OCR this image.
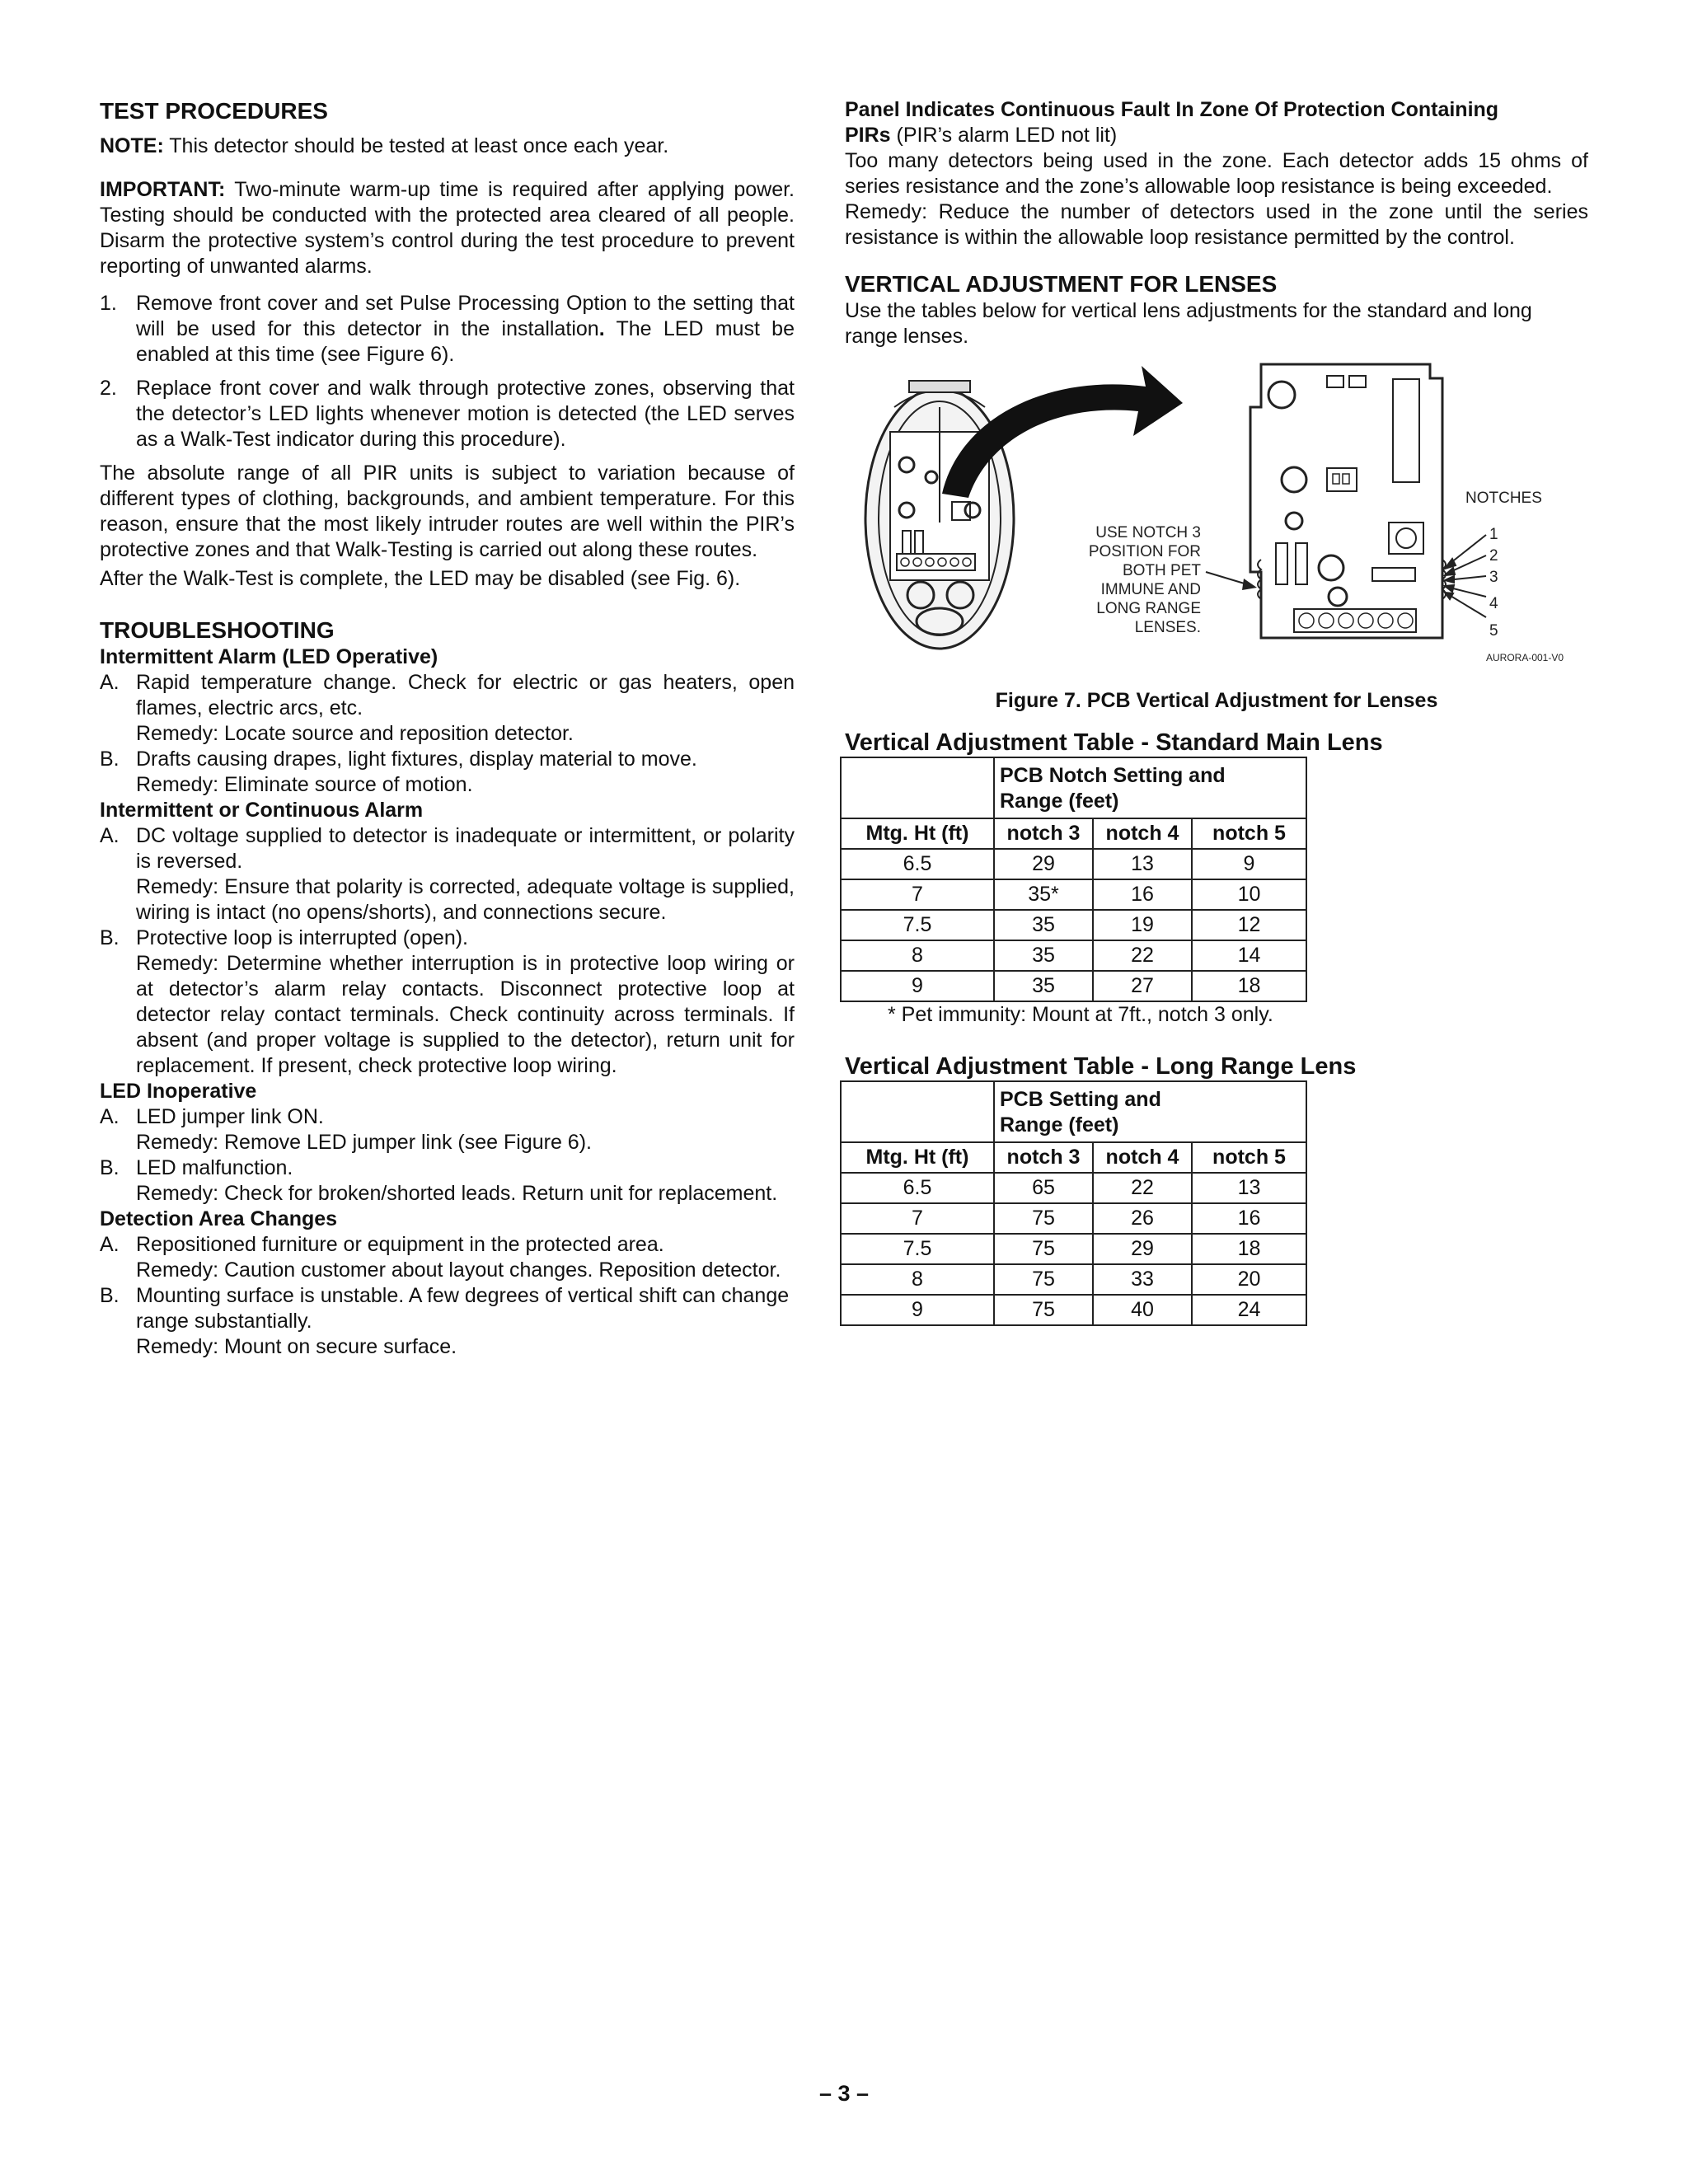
TEST PROCEDURES

NOTE: This detector should be tested at least once each year.

IMPORTANT: Two-minute warm-up time is required after applying power. Testing should be conducted with the protected area cleared of all people. Disarm the protective system’s control during the test procedure to prevent reporting of unwanted alarms.

1. Remove front cover and set Pulse Processing Option to the setting that will be used for this detector in the installation. The LED must be enabled at this time (see Figure 6).
2. Replace front cover and walk through protective zones, observing that the detector’s LED lights whenever motion is detected (the LED serves as a Walk-Test indicator during this procedure).

The absolute range of all PIR units is subject to variation because of different types of clothing, backgrounds, and ambient temperature. For this reason, ensure that the most likely intruder routes are well within the PIR’s protective zones and that Walk-Testing is carried out along these routes.

After the Walk-Test is complete, the LED may be disabled (see Fig. 6).

TROUBLESHOOTING

Intermittent Alarm (LED Operative)

A. Rapid temperature change. Check for electric or gas heaters, open flames, electric arcs, etc.
Remedy: Locate source and reposition detector.
B. Drafts causing drapes, light fixtures, display material to move.
Remedy: Eliminate source of motion.

Intermittent or Continuous Alarm

A. DC voltage supplied to detector is inadequate or intermittent, or polarity is reversed.
Remedy: Ensure that polarity is corrected, adequate voltage is supplied, wiring is intact (no opens/shorts), and connections secure.
B. Protective loop is interrupted (open).
Remedy: Determine whether interruption is in protective loop wiring or at detector’s alarm relay contacts. Disconnect protective loop at detector relay contact terminals. Check continuity across terminals. If absent (and proper voltage is supplied to the detector), return unit for replacement. If present, check protective loop wiring.

LED Inoperative

A. LED jumper link ON.
Remedy: Remove LED jumper link (see Figure 6).
B. LED malfunction.
Remedy: Check for broken/shorted leads. Return unit for replacement.

Detection Area Changes

A. Repositioned furniture or equipment in the protected area.
Remedy: Caution customer about layout changes. Reposition detector.
B. Mounting surface is unstable. A few degrees of vertical shift can change range substantially.
Remedy: Mount on secure surface.

Panel Indicates Continuous Fault In Zone Of Protection Containing
PIRs (PIR’s alarm LED not lit)

Too many detectors being used in the zone. Each detector adds 15 ohms of series resistance and the zone’s allowable loop resistance is being exceeded.

Remedy: Reduce the number of detectors used in the zone until the series resistance is within the allowable loop resistance permitted by the control.

VERTICAL ADJUSTMENT FOR LENSES

Use the tables below for vertical lens adjustments for the standard and long range lenses.

USE NOTCH 3
POSITION FOR
BOTH PET
IMMUNE AND
LONG RANGE
LENSES.
NOTCHES
1
2
3
4
5
AURORA-001-V0

Figure 7. PCB Vertical Adjustment for Lenses

Vertical Adjustment Table - Standard Main Lens

	PCB Notch Setting and
Range (feet)		
Mtg. Ht (ft)	notch 3	notch 4	notch 5
6.5	29	13	9
7	35*	16	10
7.5	35	19	12
8	35	22	14
9	35	27	18

* Pet immunity: Mount at 7ft., notch 3 only.

Vertical Adjustment Table - Long Range Lens

	PCB Setting and
Range (feet)		
Mtg. Ht (ft)	notch 3	notch 4	notch 5
6.5	65	22	13
7	75	26	16
7.5	75	29	18
8	75	33	20
9	75	40	24
– 3 –
